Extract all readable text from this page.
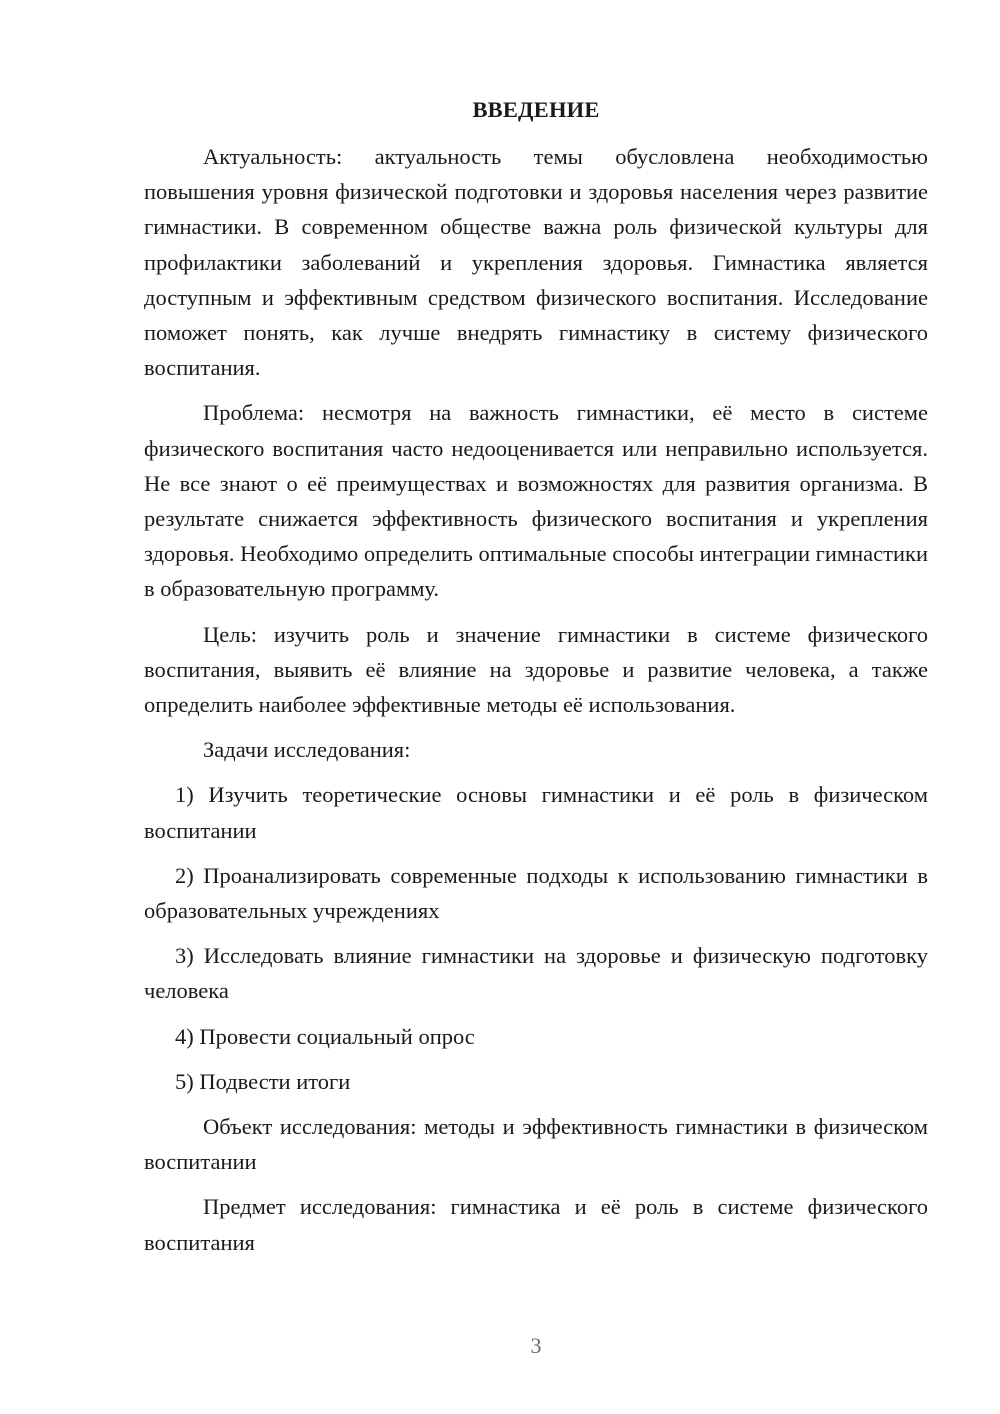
ВВЕДЕНИЕ

Актуальность: актуальность темы обусловлена необходимостью повышения уровня физической подготовки и здоровья населения через развитие гимнастики. В современном обществе важна роль физической культуры для профилактики заболеваний и укрепления здоровья. Гимнастика является доступным и эффективным средством физического воспитания. Исследование поможет понять, как лучше внедрять гимнастику в систему физического воспитания.

Проблема: несмотря на важность гимнастики, её место в системе физического воспитания часто недооценивается или неправильно используется. Не все знают о её преимуществах и возможностях для развития организма. В результате снижается эффективность физического воспитания и укрепления здоровья. Необходимо определить оптимальные способы интеграции гимнастики в образовательную программу.

Цель: изучить роль и значение гимнастики в системе физического воспитания, выявить её влияние на здоровье и развитие человека, а также определить наиболее эффективные методы её использования.

Задачи исследования:

1) Изучить теоретические основы гимнастики и её роль в физическом воспитании

2) Проанализировать современные подходы к использованию гимнастики в образовательных учреждениях

3) Исследовать влияние гимнастики на здоровье и физическую подготовку человека

4) Провести социальный опрос

5) Подвести итоги

Объект исследования: методы и эффективность гимнастики в физическом воспитании

Предмет исследования: гимнастика и её роль в системе физического воспитания

3
